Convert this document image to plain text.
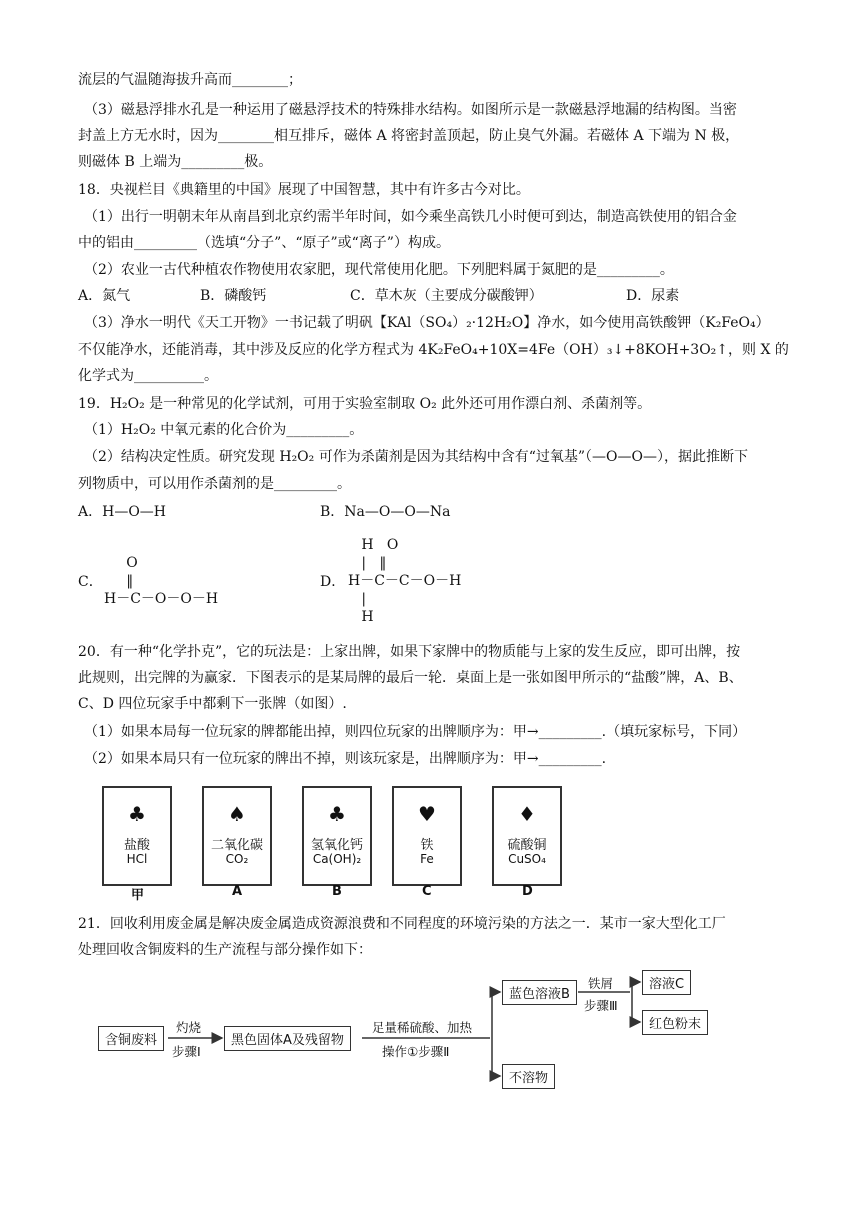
流层的气温随海拔升高而________；
（3）磁悬浮排水孔是一种运用了磁悬浮技术的特殊排水结构。如图所示是一款磁悬浮地漏的结构图。当密
封盖上方无水时，因为________相互排斥，磁体 A 将密封盖顶起，防止臭气外漏。若磁体 A 下端为 N 极，
则磁体 B 上端为_________极。
18．央视栏目《典籍里的中国》展现了中国智慧，其中有许多古今对比。
（1）出行一明朝末年从南昌到北京约需半年时间，如今乘坐高铁几小时便可到达，制造高铁使用的铝合金
中的铝由_________（选填“分子”、“原子”或“离子”）构成。
（2）农业一古代种植农作物使用农家肥，现代常使用化肥。下列肥料属于氮肥的是_________。
A．氮气	B．磷酸钙	C．草木灰（主要成分碳酸钾）	D．尿素
（3）净水一明代《天工开物》一书记载了明矾【KAl（SO₄）₂·12H₂O】净水，如今使用高铁酸钾（K₂FeO₄）
不仅能净水，还能消毒，其中涉及反应的化学方程式为 4K₂FeO₄+10X=4Fe（OH）₃↓+8KOH+3O₂↑，则 X 的
化学式为__________。
19．H₂O₂ 是一种常见的化学试剂，可用于实验室制取 O₂ 此外还可用作漂白剂、杀菌剂等。
（1）H₂O₂ 中氧元素的化合价为_________。
（2）结构决定性质。研究发现 H₂O₂ 可作为杀菌剂是因为其结构中含有“过氧基”（—O—O—），据此推断下
列物质中，可以用作杀菌剂的是_________。
A．H—O—H	B．Na—O—O—Na
C．
O
‖
H－C－O－O－H
D．
H   O
|   ‖
H－C－C－O－H
|
H
20．有一种“化学扑克”，它的玩法是：上家出牌，如果下家牌中的物质能与上家的发生反应，即可出牌，按
此规则，出完牌的为赢家．下图表示的是某局牌的最后一轮．桌面上是一张如图甲所示的“盐酸”牌，A、B、
C、D 四位玩家手中都剩下一张牌（如图）.
（1）如果本局每一位玩家的牌都能出掉，则四位玩家的出牌顺序为：甲→_________.（填玩家标号，下同）
（2）如果本局只有一位玩家的牌出不掉，则该玩家是，出牌顺序为：甲→_________.
♣
盐酸
HCl
甲
♠
二氧化碳
CO₂
A
♣
氢氧化钙
Ca(OH)₂
B
♥
铁
Fe
C
♦
硫酸铜
CuSO₄
D
21．回收利用废金属是解决废金属造成资源浪费和不同程度的环境污染的方法之一．某市一家大型化工厂
处理回收含铜废料的生产流程与部分操作如下：
含铜废料
灼烧
步骤Ⅰ
黑色固体A及残留物
足量稀硫酸、加热
操作①步骤Ⅱ
蓝色溶液B
铁屑
步骤Ⅲ
不溶物
溶液C
红色粉末
